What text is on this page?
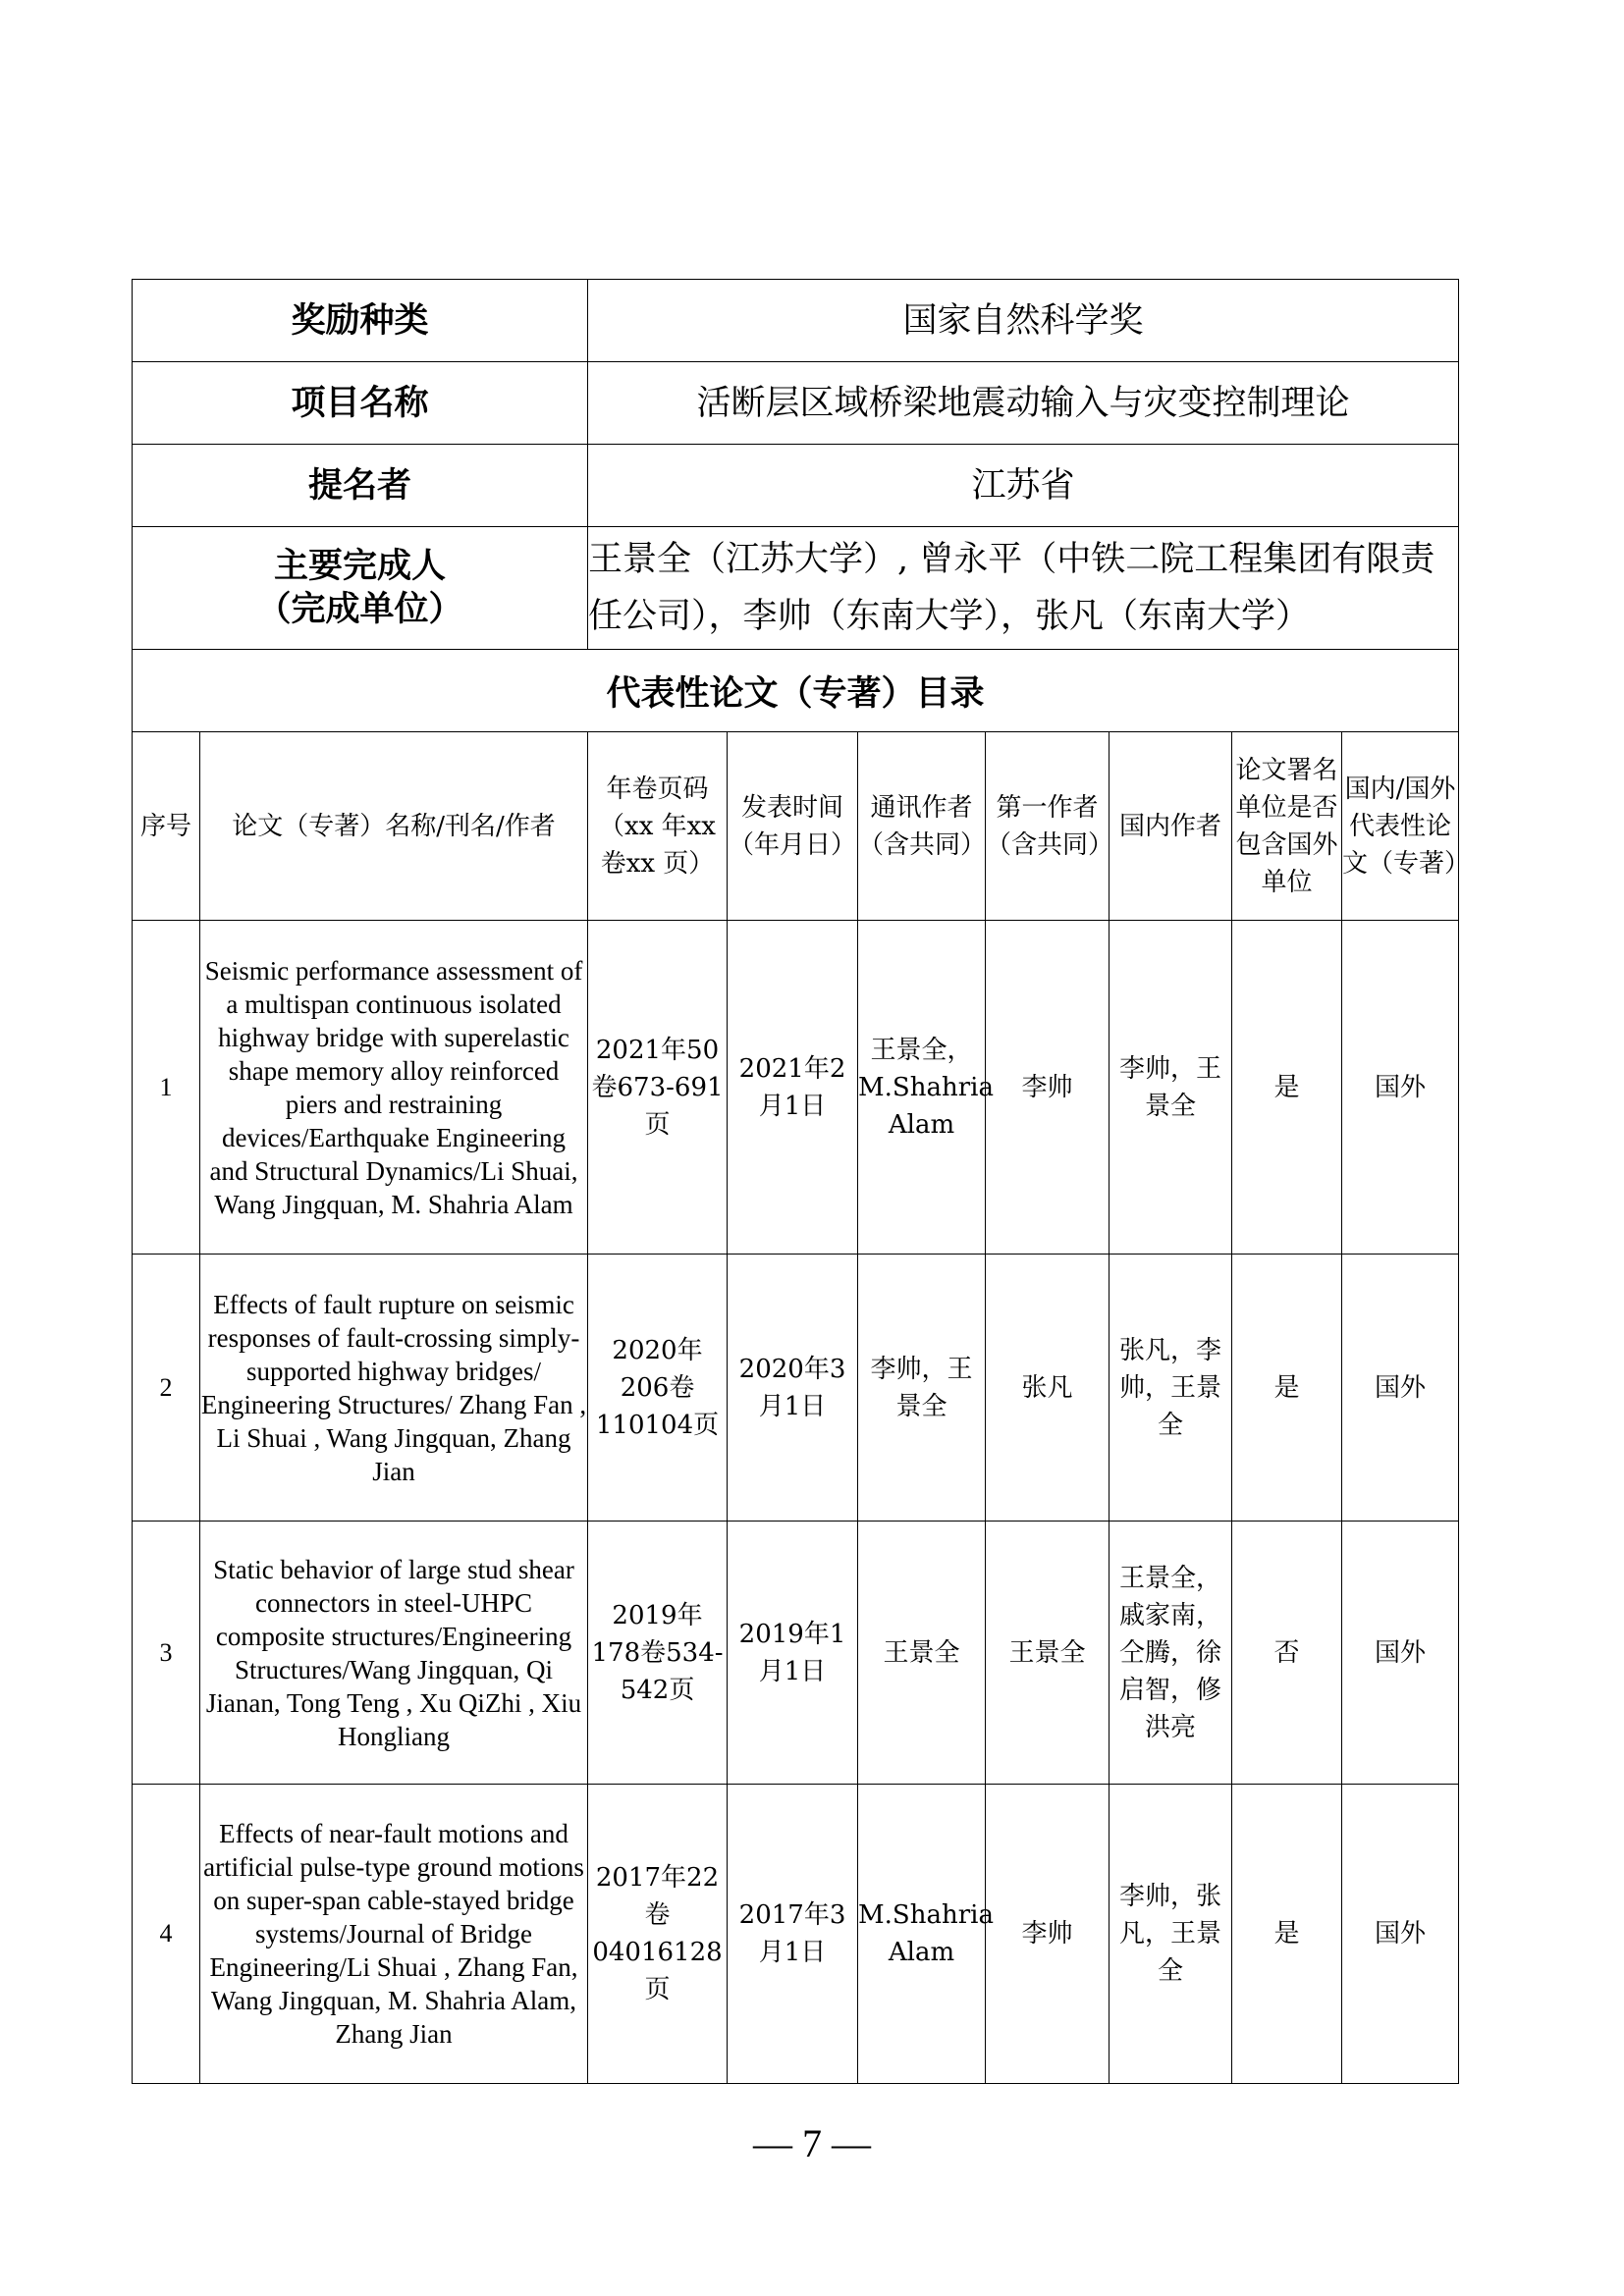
奖励种类		国家自然科学奖						
项目名称		活断层区域桥梁地震动输入与灾变控制理论						
提名者		江苏省						

主要完成人
（完成单位）		王景全（江苏大学）, 曾永平（中铁二院工程集团有限责任公司），李帅（东南大学），张凡（东南大学）						
代表性论文（专著）目录								
序号	论文（专著）名称/刊名/作者	年卷页码（xx 年xx卷xx 页）	发表时间（年月日）	通讯作者（含共同）	第一作者（含共同）	国内作者	论文署名单位是否包含国外单位	国内/国外代表性论文（专著）
1	Seismic performance assessment of a multispan continuous isolated highway bridge with superelastic shape memory alloy reinforced piers and restraining devices/Earthquake Engineering and Structural Dynamics/Li Shuai, Wang Jingquan, M. Shahria Alam	2021年50卷673-691页	2021年2月1日	王景全，M.Shahria Alam	李帅	李帅，王景全	是	国外
2	Effects of fault rupture on seismic responses of fault-crossing simply-supported highway bridges/ Engineering Structures/ Zhang Fan , Li Shuai , Wang Jingquan, Zhang Jian	2020年206卷110104页	2020年3月1日	李帅，王景全	张凡	张凡，李帅，王景全	是	国外
3	Static behavior of large stud shear connectors in steel-UHPC composite structures/Engineering Structures/Wang Jingquan, Qi Jianan, Tong Teng , Xu QiZhi , Xiu Hongliang	2019年178卷534-542页	2019年1月1日	王景全	王景全	王景全，戚家南，仝腾，徐启智，修洪亮	否	国外
4	Effects of near-fault motions and artificial pulse-type ground motions on super-span cable-stayed bridge systems/Journal of Bridge Engineering/Li Shuai , Zhang Fan, Wang Jingquan, M. Shahria Alam, Zhang Jian	2017年22卷04016128页	2017年3月1日	M.Shahria Alam	李帅	李帅，张凡，王景全	是	国外
— 7 —
